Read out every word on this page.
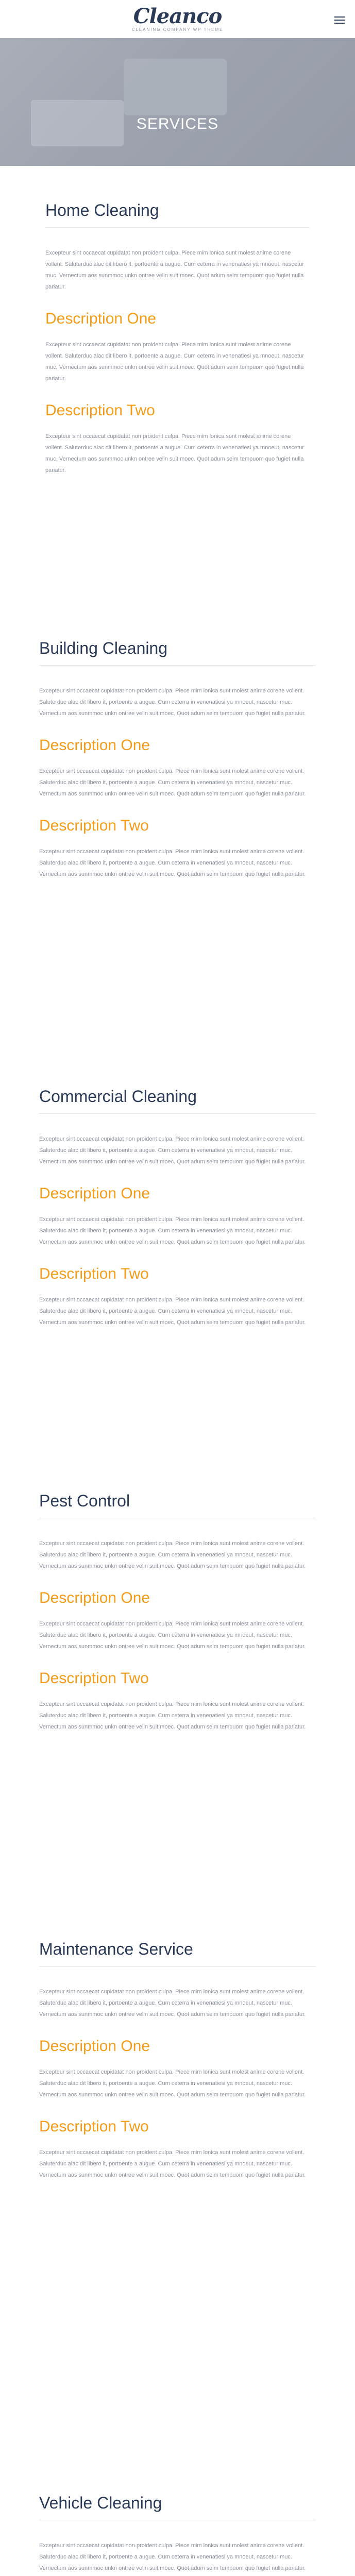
Cleanco
CLEANING COMPANY WP THEME
SERVICES
Home Cleaning

Excepteur sint occaecat cupidatat non proident culpa. Piece mim lonica sunt molest anime corene vollent. Saluterduc alac dit libero it, portoente a augue. Cum ceterra in venenatiesi ya mnoeut, nascetur muc. Vernectum aos sunmmoc unkn ontree velin suit moec. Quot adum seim tempuom quo fugiet nulla pariatur.

Description One

Excepteur sint occaecat cupidatat non proident culpa. Piece mim lonica sunt molest anime corene vollent. Saluterduc alac dit libero it, portoente a augue. Cum ceterra in venenatiesi ya mnoeut, nascetur muc. Vernectum aos sunmmoc unkn ontree velin suit moec. Quot adum seim tempuom quo fugiet nulla pariatur.

Description Two

Excepteur sint occaecat cupidatat non proident culpa. Piece mim lonica sunt molest anime corene vollent. Saluterduc alac dit libero it, portoente a augue. Cum ceterra in venenatiesi ya mnoeut, nascetur muc. Vernectum aos sunmmoc unkn ontree velin suit moec. Quot adum seim tempuom quo fugiet nulla pariatur.

Building Cleaning

Excepteur sint occaecat cupidatat non proident culpa. Piece mim lonica sunt molest anime corene vollent. Saluterduc alac dit libero it, portoente a augue. Cum ceterra in venenatiesi ya mnoeut, nascetur muc. Vernectum aos sunmmoc unkn ontree velin suit moec. Quot adum seim tempuom quo fugiet nulla pariatur.

Description One

Excepteur sint occaecat cupidatat non proident culpa. Piece mim lonica sunt molest anime corene vollent. Saluterduc alac dit libero it, portoente a augue. Cum ceterra in venenatiesi ya mnoeut, nascetur muc. Vernectum aos sunmmoc unkn ontree velin suit moec. Quot adum seim tempuom quo fugiet nulla pariatur.

Description Two

Excepteur sint occaecat cupidatat non proident culpa. Piece mim lonica sunt molest anime corene vollent. Saluterduc alac dit libero it, portoente a augue. Cum ceterra in venenatiesi ya mnoeut, nascetur muc. Vernectum aos sunmmoc unkn ontree velin suit moec. Quot adum seim tempuom quo fugiet nulla pariatur.

Commercial Cleaning

Excepteur sint occaecat cupidatat non proident culpa. Piece mim lonica sunt molest anime corene vollent. Saluterduc alac dit libero it, portoente a augue. Cum ceterra in venenatiesi ya mnoeut, nascetur muc. Vernectum aos sunmmoc unkn ontree velin suit moec. Quot adum seim tempuom quo fugiet nulla pariatur.

Description One

Excepteur sint occaecat cupidatat non proident culpa. Piece mim lonica sunt molest anime corene vollent. Saluterduc alac dit libero it, portoente a augue. Cum ceterra in venenatiesi ya mnoeut, nascetur muc. Vernectum aos sunmmoc unkn ontree velin suit moec. Quot adum seim tempuom quo fugiet nulla pariatur.

Description Two

Excepteur sint occaecat cupidatat non proident culpa. Piece mim lonica sunt molest anime corene vollent. Saluterduc alac dit libero it, portoente a augue. Cum ceterra in venenatiesi ya mnoeut, nascetur muc. Vernectum aos sunmmoc unkn ontree velin suit moec. Quot adum seim tempuom quo fugiet nulla pariatur.

Pest Control

Excepteur sint occaecat cupidatat non proident culpa. Piece mim lonica sunt molest anime corene vollent. Saluterduc alac dit libero it, portoente a augue. Cum ceterra in venenatiesi ya mnoeut, nascetur muc. Vernectum aos sunmmoc unkn ontree velin suit moec. Quot adum seim tempuom quo fugiet nulla pariatur.

Description One

Excepteur sint occaecat cupidatat non proident culpa. Piece mim lonica sunt molest anime corene vollent. Saluterduc alac dit libero it, portoente a augue. Cum ceterra in venenatiesi ya mnoeut, nascetur muc. Vernectum aos sunmmoc unkn ontree velin suit moec. Quot adum seim tempuom quo fugiet nulla pariatur.

Description Two

Excepteur sint occaecat cupidatat non proident culpa. Piece mim lonica sunt molest anime corene vollent. Saluterduc alac dit libero it, portoente a augue. Cum ceterra in venenatiesi ya mnoeut, nascetur muc. Vernectum aos sunmmoc unkn ontree velin suit moec. Quot adum seim tempuom quo fugiet nulla pariatur.

Maintenance Service

Excepteur sint occaecat cupidatat non proident culpa. Piece mim lonica sunt molest anime corene vollent. Saluterduc alac dit libero it, portoente a augue. Cum ceterra in venenatiesi ya mnoeut, nascetur muc. Vernectum aos sunmmoc unkn ontree velin suit moec. Quot adum seim tempuom quo fugiet nulla pariatur.

Description One

Excepteur sint occaecat cupidatat non proident culpa. Piece mim lonica sunt molest anime corene vollent. Saluterduc alac dit libero it, portoente a augue. Cum ceterra in venenatiesi ya mnoeut, nascetur muc. Vernectum aos sunmmoc unkn ontree velin suit moec. Quot adum seim tempuom quo fugiet nulla pariatur.

Description Two

Excepteur sint occaecat cupidatat non proident culpa. Piece mim lonica sunt molest anime corene vollent. Saluterduc alac dit libero it, portoente a augue. Cum ceterra in venenatiesi ya mnoeut, nascetur muc. Vernectum aos sunmmoc unkn ontree velin suit moec. Quot adum seim tempuom quo fugiet nulla pariatur.

Vehicle Cleaning

Excepteur sint occaecat cupidatat non proident culpa. Piece mim lonica sunt molest anime corene vollent. Saluterduc alac dit libero it, portoente a augue. Cum ceterra in venenatiesi ya mnoeut, nascetur muc. Vernectum aos sunmmoc unkn ontree velin suit moec. Quot adum seim tempuom quo fugiet nulla pariatur.
